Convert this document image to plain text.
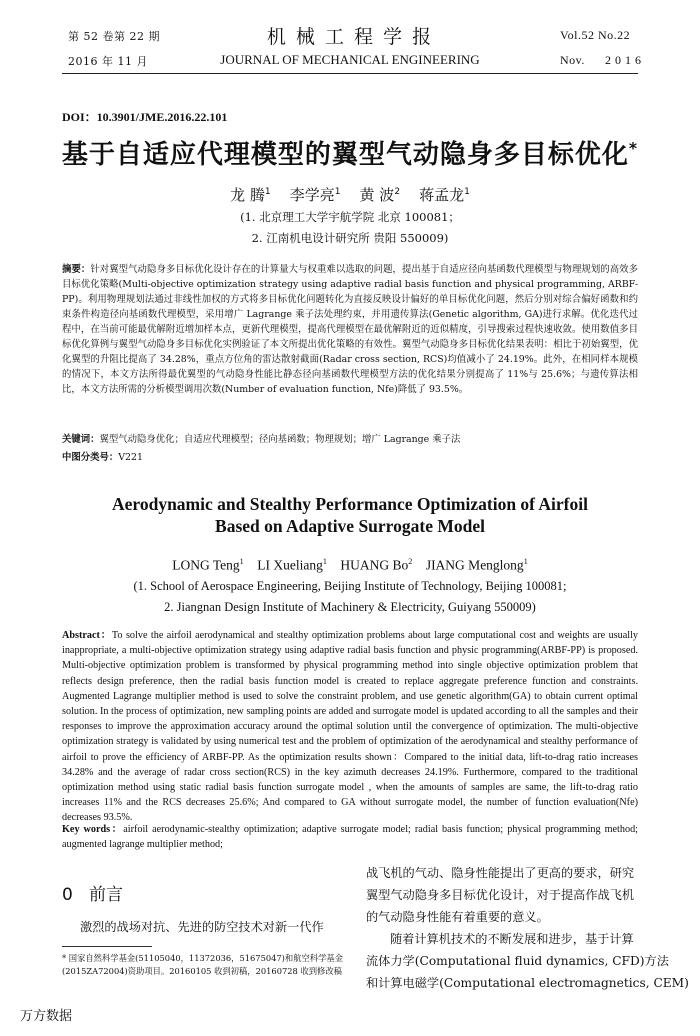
第 52 卷第 22 期
2016 年 11 月
机 械 工 程 学 报
JOURNAL OF MECHANICAL ENGINEERING
Vol.52 No.22
Nov. 2 0 1 6
DOI：10.3901/JME.2016.22.101
基于自适应代理模型的翼型气动隐身多目标优化*
龙 腾$^1$ 李学亮$^1$ 黄 波$^2$ 蒋孟龙$^1$
(1. 北京理工大学宇航学院 北京 100081；
2. 江南机电设计研究所 贵阳 550009)
摘要：针对翼型气动隐身多目标优化设计存在的计算量大与权重难以选取的问题，提出基于自适应径向基函数代理模型与物理规划的高效多目标优化策略(Multi-objective optimization strategy using adaptive radial basis function and physical programming, ARBF-PP)。利用物理规划法通过非线性加权的方式将多目标优化问题转化为直接反映设计偏好的单目标优化问题，然后分别对综合偏好函数和约束条件构造径向基函数代理模型，采用增广 Lagrange 乘子法处理约束，并用遗传算法(Genetic algorithm, GA)进行求解。优化迭代过程中，在当前可能最优解附近增加样本点，更新代理模型，提高代理模型在最优解附近的近似精度，引导搜索过程快速收敛。使用数值多目标优化算例与翼型气动隐身多目标优化实例验证了本文所提出优化策略的有效性。翼型气动隐身多目标优化结果表明：相比于初始翼型，优化翼型的升阻比提高了 34.28%，重点方位角的雷达散射截面(Radar cross section, RCS)均值减小了 24.19%。此外，在相同样本规模的情况下，本文方法所得最优翼型的气动隐身性能比静态径向基函数代理模型方法的优化结果分别提高了 11%与 25.6%；与遗传算法相比，本文方法所需的分析模型调用次数(Number of evaluation function, Nfe)降低了 93.5%。
关键词：翼型气动隐身优化；自适应代理模型；径向基函数；物理规划；增广 Lagrange 乘子法
中图分类号：V221
Aerodynamic and Stealthy Performance Optimization of Airfoil
Based on Adaptive Surrogate Model
LONG Teng$^1$ LI Xueliang$^1$ HUANG Bo$^2$ JIANG Menglong$^1$
(1. School of Aerospace Engineering, Beijing Institute of Technology, Beijing 100081;
2. Jiangnan Design Institute of Machinery & Electricity, Guiyang 550009)
Abstract：To solve the airfoil aerodynamical and stealthy optimization problems about large computational cost and weights are usually inappropriate, a multi-objective optimization strategy using adaptive radial basis function and physic programming(ARBF-PP) is proposed. Multi-objective optimization problem is transformed by physical programming method into single objective optimization problem that reflects design preference, then the radial basis function model is created to replace aggregate preference function and constraints. Augmented Lagrange multiplier method is used to solve the constraint problem, and use genetic algorithm(GA) to obtain current optimal solution. In the process of optimization, new sampling points are added and surrogate model is updated according to all the samples and their responses to improve the approximation accuracy around the optimal solution until the convergence of optimization. The multi-objective optimization strategy is validated by using numerical test and the problem of optimization of the aerodynamical and stealthy performance of airfoil to prove the efficiency of ARBF-PP. As the optimization results shown：Compared to the initial data, lift-to-drag ratio increases 34.28% and the average of radar cross section(RCS) in the key azimuth decreases 24.19%. Furthermore, compared to the traditional optimization method using static radial basis function surrogate model , when the amounts of samples are same, the lift-to-drag ratio increases 11% and the RCS decreases 25.6%; And compared to GA without surrogate model, the number of function evaluation(Nfe) decreases 93.5%.
Key words：airfoil aerodynamic-stealthy optimization; adaptive surrogate model; radial basis function; physical programming method; augmented lagrange multiplier method;
0 前言
激烈的战场对抗、先进的防空技术对新一代作
* 国家自然科学基金(51105040，11372036，51675047)和航空科学基金
(2015ZA72004)资助项目。20160105 收到初稿，20160728 收到修改稿
战飞机的气动、隐身性能提出了更高的要求，研究
翼型气动隐身多目标优化设计，对于提高作战飞机
的气动隐身性能有着重要的意义。
随着计算机技术的不断发展和进步，基于计算
流体力学(Computational fluid dynamics, CFD)方法
和计算电磁学(Computational electromagnetics, CEM)
万方数据
